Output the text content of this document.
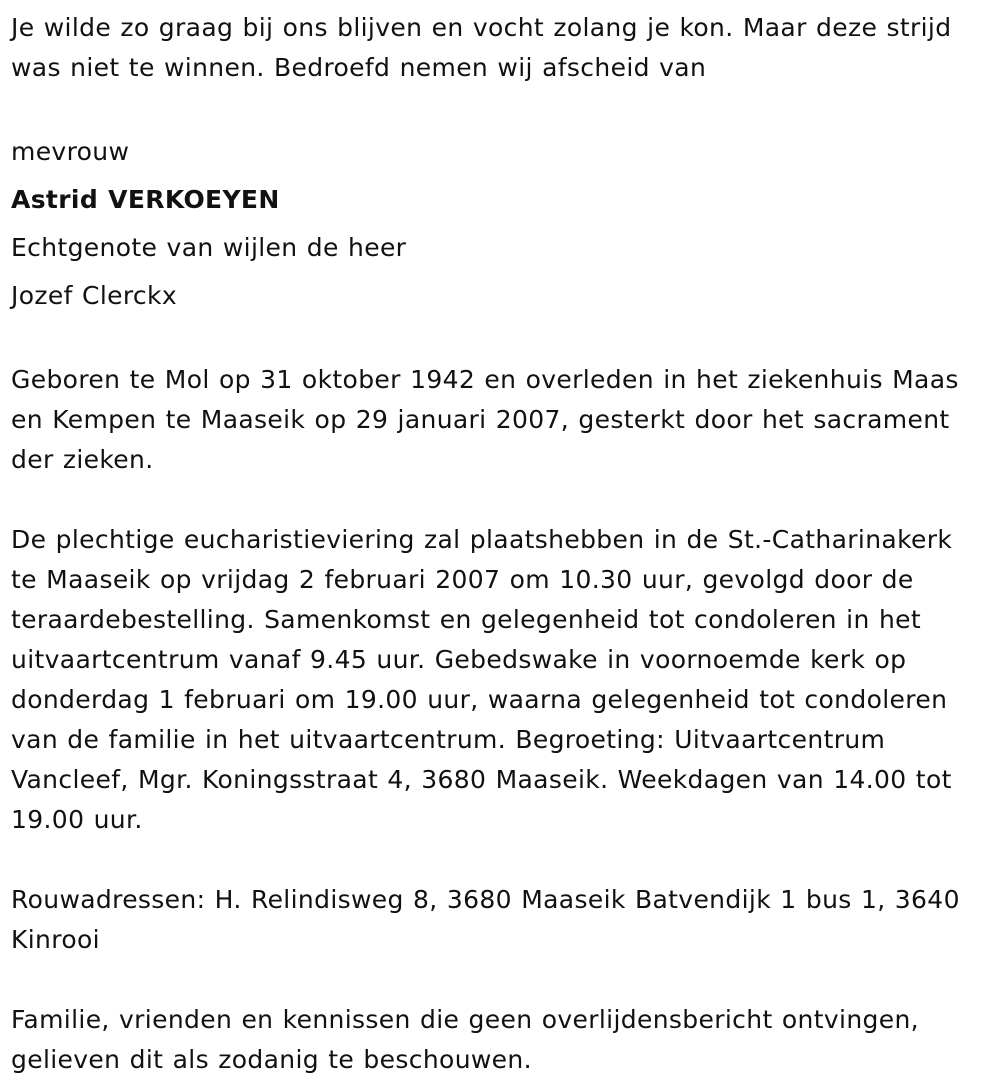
Je wilde zo graag bij ons blijven en vocht zolang je kon. Maar deze strijd was niet te winnen. Bedroefd nemen wij afscheid van

mevrouw

Astrid VERKOEYEN

Echtgenote van wijlen de heer

Jozef Clerckx

Geboren te Mol op 31 oktober 1942 en overleden in het ziekenhuis Maas en Kempen te Maaseik op 29 januari 2007, gesterkt door het sacrament der zieken.

De plechtige eucharistieviering zal plaatshebben in de St.-Catharinakerk te Maaseik op vrijdag 2 februari 2007 om 10.30 uur, gevolgd door de teraardebestelling. Samenkomst en gelegenheid tot condoleren in het uitvaartcentrum vanaf 9.45 uur. Gebedswake in voornoemde kerk op donderdag 1 februari om 19.00 uur, waarna gelegenheid tot condoleren van de familie in het uitvaartcentrum. Begroeting: Uitvaartcentrum Vancleef, Mgr. Koningsstraat 4, 3680 Maaseik. Weekdagen van 14.00 tot 19.00 uur.

Rouwadressen: H. Relindisweg 8, 3680 Maaseik Batvendijk 1 bus 1, 3640 Kinrooi

Familie, vrienden en kennissen die geen overlijdensbericht ontvingen, gelieven dit als zodanig te beschouwen.
